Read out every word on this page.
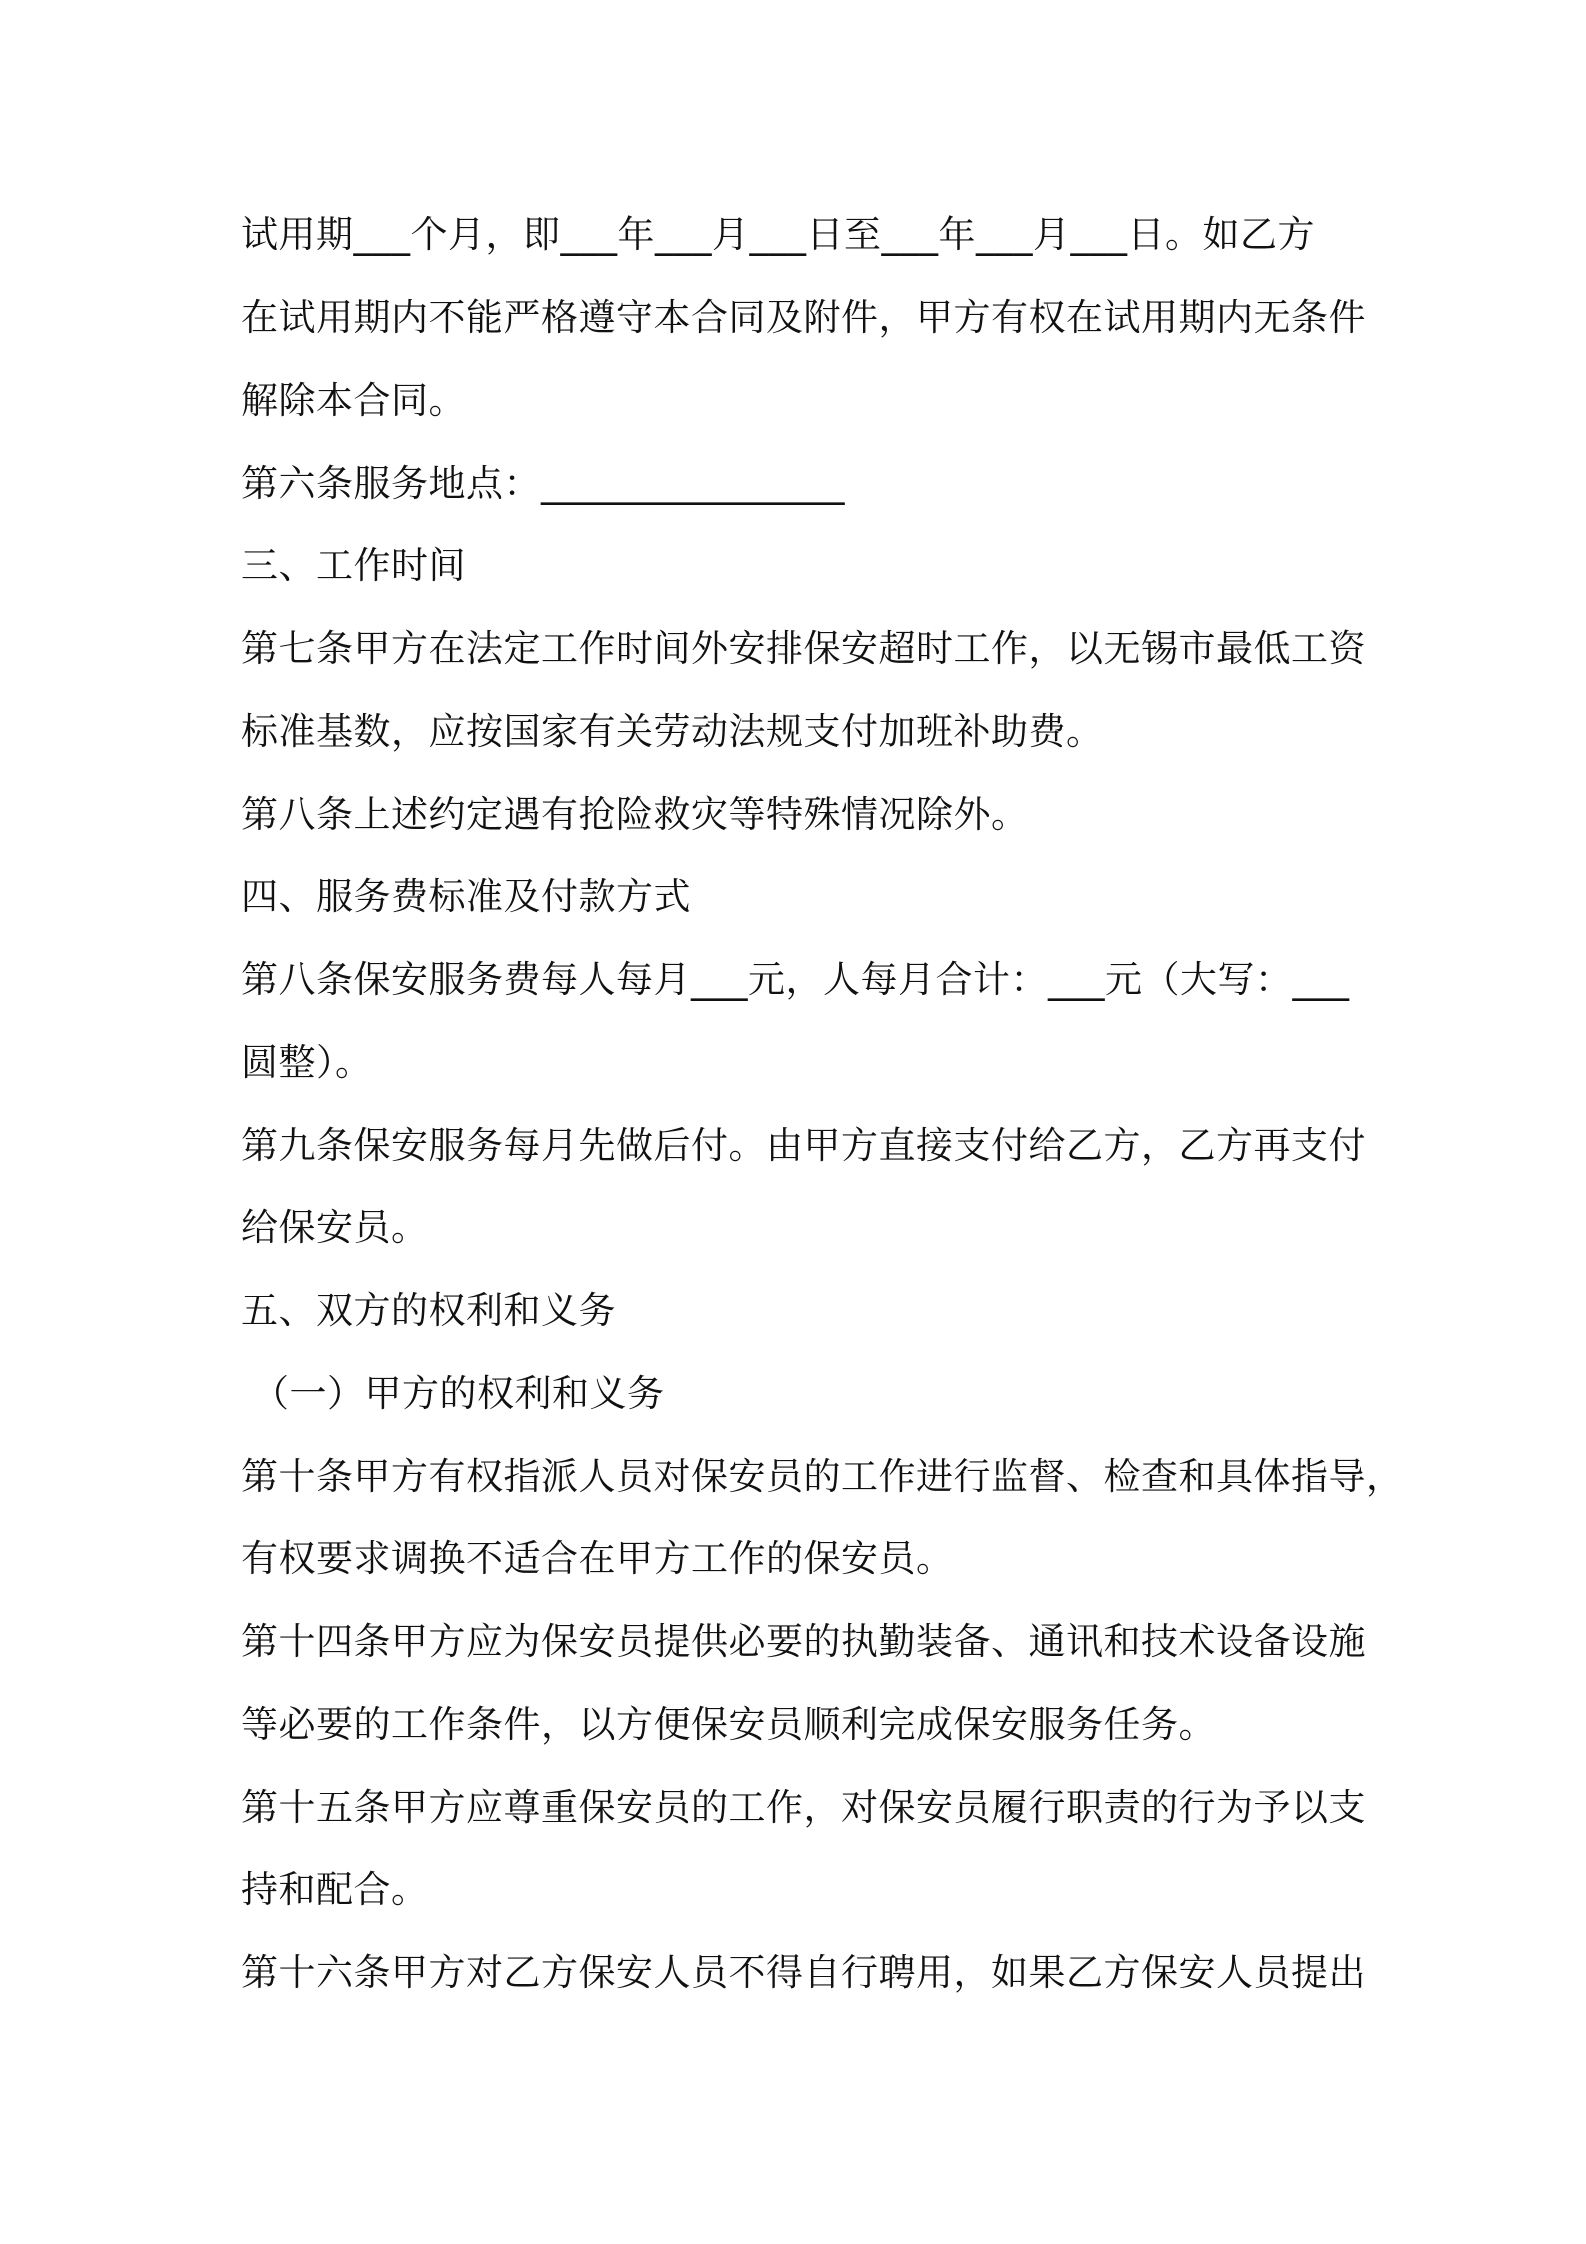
试用期___个月，即___年___月___日至___年___月___日。如乙方
在试用期内不能严格遵守本合同及附件，甲方有权在试用期内无条件
解除本合同。
第六条服务地点：________________
三、工作时间
第七条甲方在法定工作时间外安排保安超时工作，以无锡市最低工资
标准基数，应按国家有关劳动法规支付加班补助费。
第八条上述约定遇有抢险救灾等特殊情况除外。
四、服务费标准及付款方式
第八条保安服务费每人每月___元，人每月合计：___元（大写：___
圆整）。
第九条保安服务每月先做后付。由甲方直接支付给乙方，乙方再支付
给保安员。
五、双方的权利和义务
（一）甲方的权利和义务
第十条甲方有权指派人员对保安员的工作进行监督、检查和具体指导，
有权要求调换不适合在甲方工作的保安员。
第十四条甲方应为保安员提供必要的执勤装备、通讯和技术设备设施
等必要的工作条件，以方便保安员顺利完成保安服务任务。
第十五条甲方应尊重保安员的工作，对保安员履行职责的行为予以支
持和配合。
第十六条甲方对乙方保安人员不得自行聘用，如果乙方保安人员提出
